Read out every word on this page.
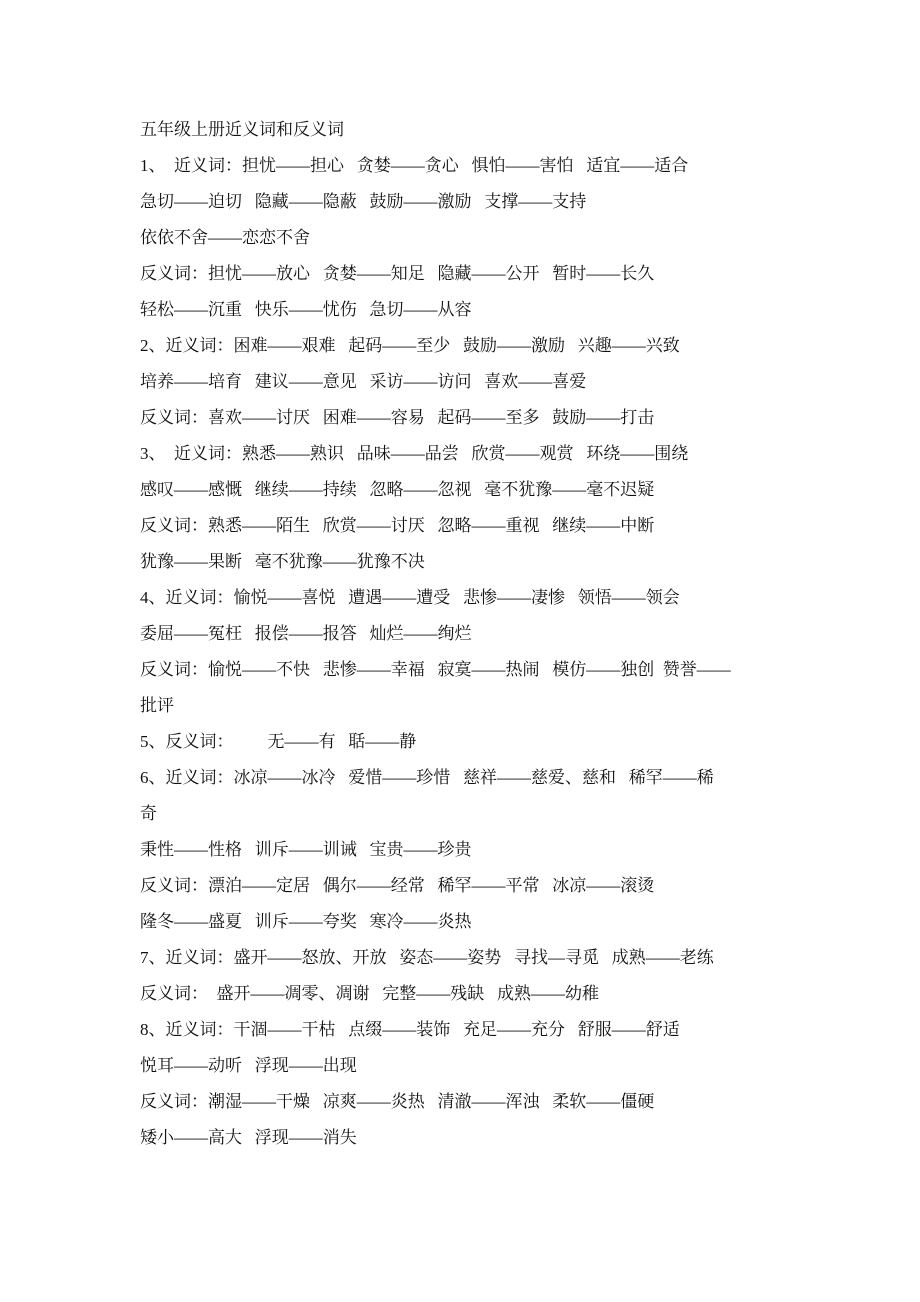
五年级上册近义词和反义词
1、  近义词：担忧——担心   贪婪——贪心   惧怕——害怕   适宜——适合
急切——迫切   隐藏——隐蔽   鼓励——激励   支撑——支持
依依不舍——恋恋不舍
反义词：担忧——放心   贪婪——知足   隐藏——公开   暂时——长久
轻松——沉重   快乐——忧伤   急切——从容
2、近义词：困难——艰难   起码——至少   鼓励——激励   兴趣——兴致
培养——培育   建议——意见   采访——访问   喜欢——喜爱
反义词：喜欢——讨厌   困难——容易   起码——至多   鼓励——打击
3、  近义词：熟悉——熟识   品味——品尝   欣赏——观赏   环绕——围绕
感叹——感慨   继续——持续   忽略——忽视   毫不犹豫——毫不迟疑
反义词：熟悉——陌生   欣赏——讨厌   忽略——重视   继续——中断
犹豫——果断   毫不犹豫——犹豫不决
4、近义词：愉悦——喜悦   遭遇——遭受   悲惨——凄惨   领悟——领会
委屈——冤枉   报偿——报答   灿烂——绚烂
反义词：愉悦——不快   悲惨——幸福   寂寞——热闹   模仿——独创  赞誉——
批评
5、反义词：        无——有   聒——静
6、近义词：冰凉——冰冷   爱惜——珍惜   慈祥——慈爱、慈和   稀罕——稀
奇
秉性——性格   训斥——训诫   宝贵——珍贵
反义词：漂泊——定居   偶尔——经常   稀罕——平常   冰凉——滚烫
隆冬——盛夏   训斥——夸奖   寒冷——炎热
7、近义词：盛开——怒放、开放   姿态——姿势   寻找—寻觅   成熟——老练
反义词：  盛开——凋零、凋谢   完整——残缺   成熟——幼稚
8、近义词：干涸——干枯   点缀——装饰   充足——充分   舒服——舒适
悦耳——动听   浮现——出现
反义词：潮湿——干燥   凉爽——炎热   清澈——浑浊   柔软——僵硬
矮小——高大   浮现——消失
